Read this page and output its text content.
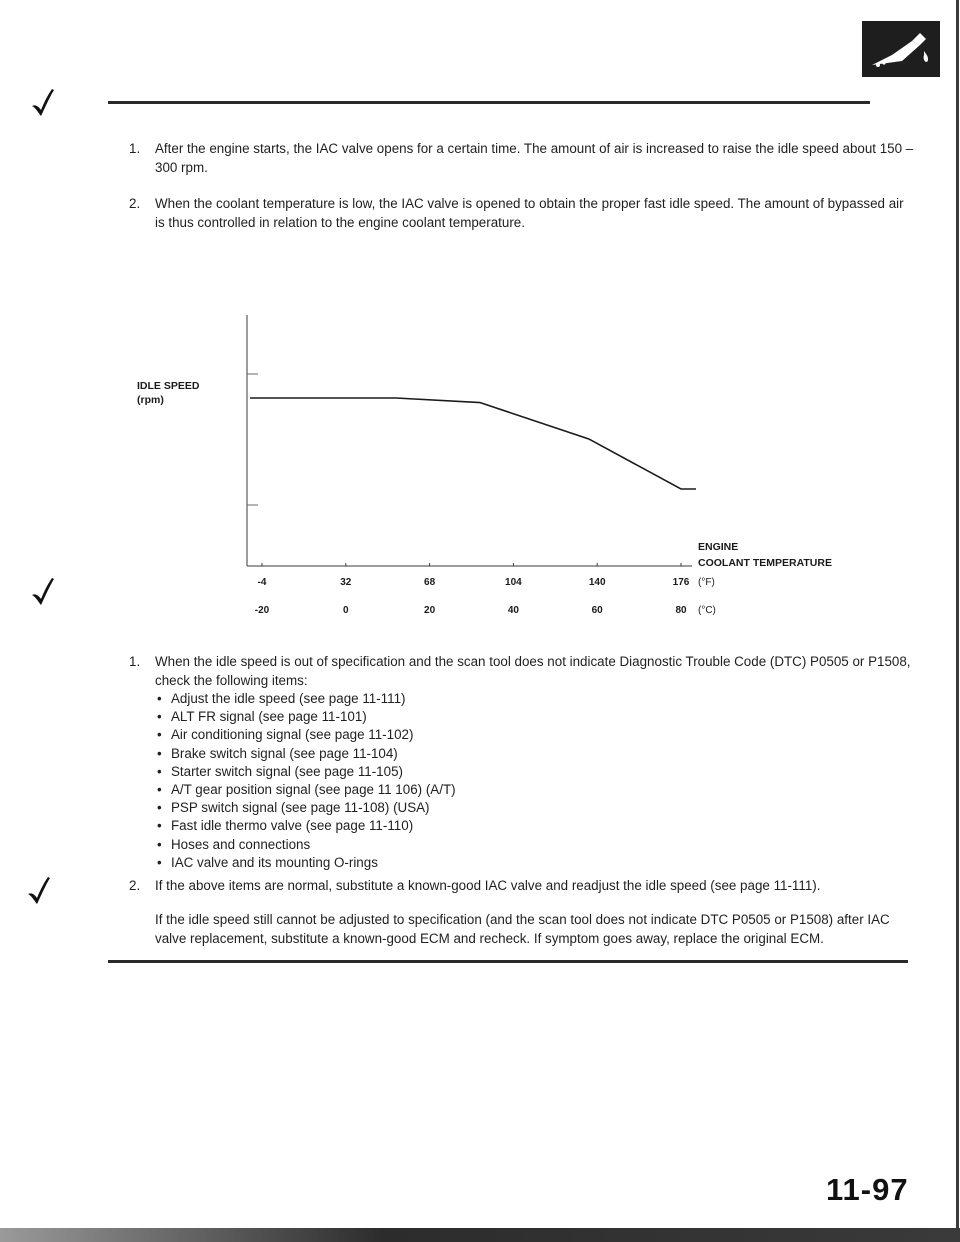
1. After the engine starts, the IAC valve opens for a certain time. The amount of air is increased to raise the idle speed about 150 – 300 rpm.
2. When the coolant temperature is low, the IAC valve is opened to obtain the proper fast idle speed. The amount of bypassed air is thus controlled in relation to the engine coolant temperature.
IDLE SPEED
(rpm)
-4
-20
32
0
68
20
104
40
140
60
176
80
ENGINE
COOLANT TEMPERATURE
(°F)
(°C)
1. When the idle speed is out of specification and the scan tool does not indicate Diagnostic Trouble Code (DTC) P0505 or P1508, check the following items:
• Adjust the idle speed (see page 11-111)
• ALT FR signal (see page 11-101)
• Air conditioning signal (see page 11-102)
• Brake switch signal (see page 11-104)
• Starter switch signal (see page 11-105)
• A/T gear position signal (see page 11 106) (A/T)
• PSP switch signal (see page 11-108) (USA)
• Fast idle thermo valve (see page 11-110)
• Hoses and connections
• IAC valve and its mounting O-rings
2. If the above items are normal, substitute a known-good IAC valve and readjust the idle speed (see page 11-111).
If the idle speed still cannot be adjusted to specification (and the scan tool does not indicate DTC P0505 or P1508) after IAC valve replacement, substitute a known-good ECM and recheck. If symptom goes away, replace the original ECM.
11-97
